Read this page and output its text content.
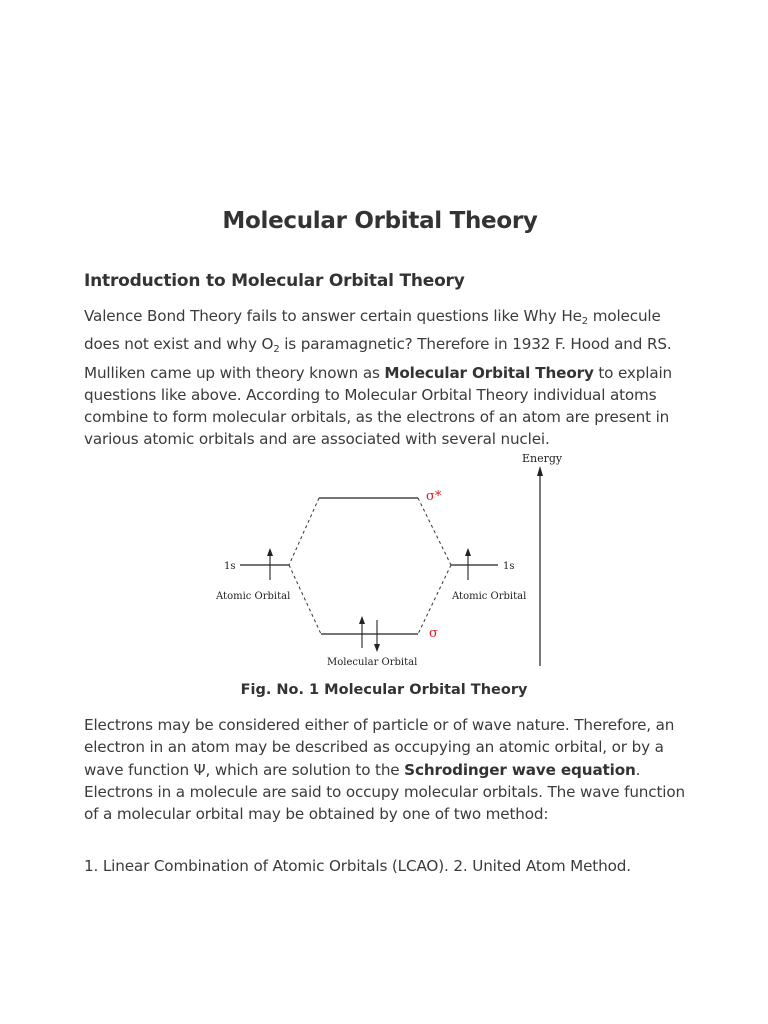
Molecular Orbital Theory
Introduction to Molecular Orbital Theory
Valence Bond Theory fails to answer certain questions like Why $He_2$ molecule does not exist and why $O_2$ is paramagnetic? Therefore in 1932 F. Hood and RS. Mulliken came up with theory known as Molecular Orbital Theory to explain questions like above. According to Molecular Orbital Theory individual atoms combine to form molecular orbitals, as the electrons of an atom are present in various atomic orbitals and are associated with several nuclei.
Energy
σ*
1s
Atomic Orbital
1s
Atomic Orbital
σ
Molecular Orbital
Fig. No. 1 Molecular Orbital Theory
Electrons may be considered either of particle or of wave nature. Therefore, an electron in an atom may be described as occupying an atomic orbital, or by a wave function Ψ, which are solution to the Schrodinger wave equation. Electrons in a molecule are said to occupy molecular orbitals. The wave function of a molecular orbital may be obtained by one of two method:
1. Linear Combination of Atomic Orbitals (LCAO). 2. United Atom Method.
